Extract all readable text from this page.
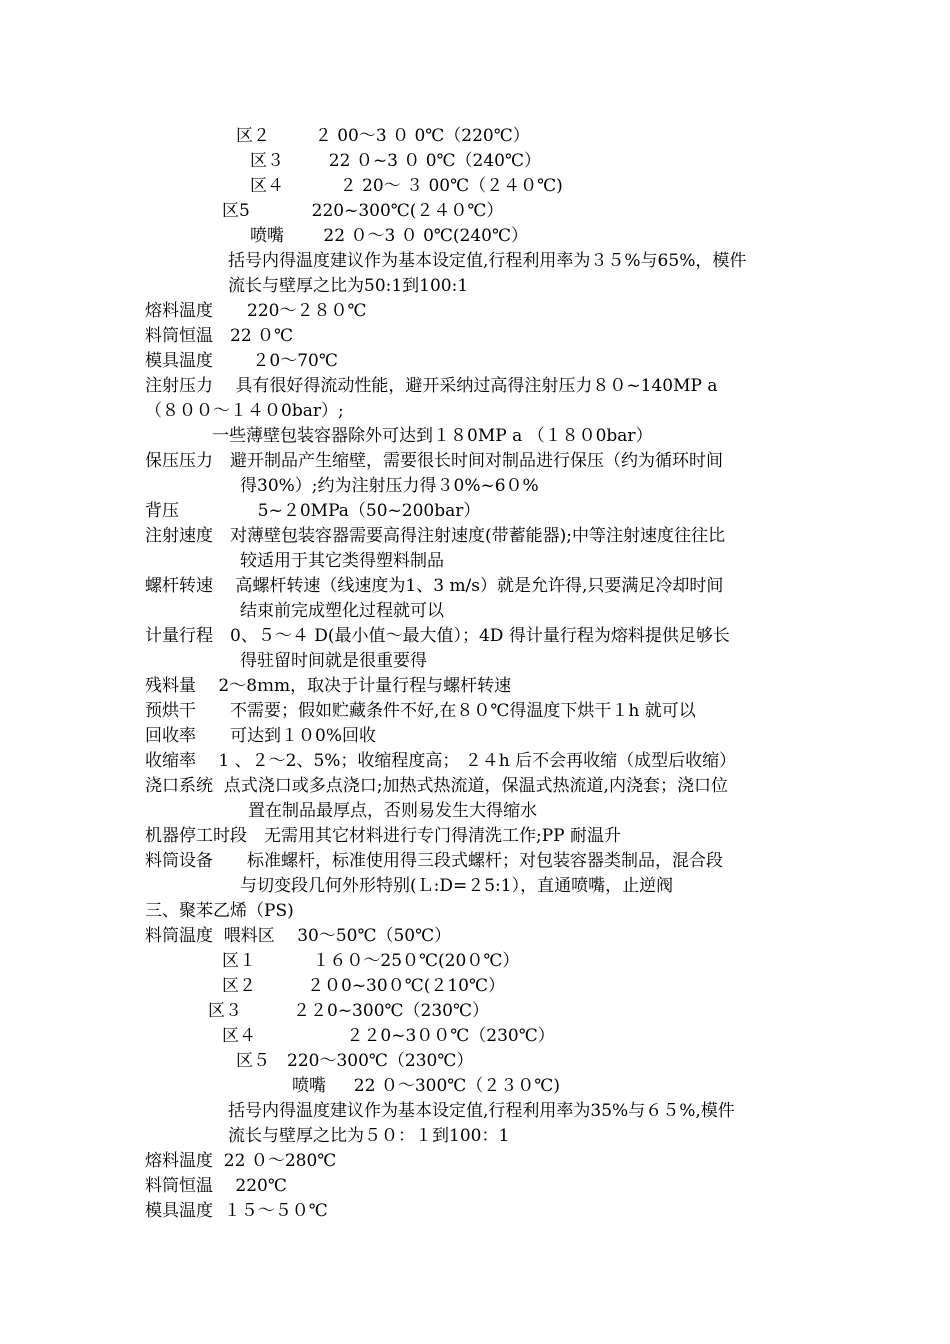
区２　　  ２ 00～3 ０ 0℃（220℃）
区３　　  22 ０~3 ０ 0℃（240℃）
区４　　    ２ 20～ ３ 00℃（２４０℃)
区5　　　  220~300℃(２４０℃）
喷嘴　　 22 ０～3 ０ 0℃(240℃）
括号内得温度建议作为基本设定值,行程利用率为３５%与65%，模件
流长与壁厚之比为50:1到100:1
熔料温度　　220～２８０℃
料筒恒温　22 ０℃
模具温度　　 ２0～70℃
注射压力　 具有很好得流动性能，避开采纳过高得注射压力８０~140MP a
（８００～１４０0bar）;
一些薄壁包装容器除外可达到１８0MP a （１８０0bar）
保压压力　避开制品产生缩壁，需要很长时间对制品进行保压（约为循环时间
得30%）;约为注射压力得３0%~6０%
背压　　　　  5~２0MPa（50~200bar）
注射速度　对薄壁包装容器需要高得注射速度(带蓄能器);中等注射速度往往比
较适用于其它类得塑料制品
螺杆转速　 高螺杆转速（线速度为1、3 m/s）就是允许得,只要满足冷却时间
结束前完成塑化过程就可以
计量行程　0、５～４ D(最小值～最大值）；4D 得计量行程为熔料提供足够长
得驻留时间就是很重要得
残料量　 2～8ｍm，取决于计量行程与螺杆转速
预烘干　　不需要；假如贮藏条件不好,在８０℃得温度下烘干１h 就可以
回收率　　可达到１０0%回收
收缩率　 1 、２～2、5%；收缩程度高； ２４h 后不会再收缩（成型后收缩）
浇口系统  点式浇口或多点浇口;加热式热流道，保温式热流道,内浇套；浇口位
置在制品最厚点，否则易发生大得缩水
机器停工时段　无需用其它材料进行专门得清洗工作;PP 耐温升
料筒设备　　标准螺杆，标准使用得三段式螺杆；对包装容器类制品，混合段
与切变段几何外形特别(Ｌ:D=２5:1），直通喷嘴，止逆阀
三、聚苯乙烯（PS)
料筒温度  喂料区　 30～50℃（50℃）
区１　　　 １６０～25０℃(20０℃）
区２　　　２０0~30０℃(２10℃）
区３　　　２２0~300℃（230℃）
区４　　　　　 ２２0~3００℃（230℃）
区５　220～300℃（230℃）
喷嘴　  22 ０～300℃（２３０℃)
括号内得温度建议作为基本设定值,行程利用率为35%与６５%,模件
流长与壁厚之比为５０：１到100：1
熔料温度  22 ０～280℃
料筒恒温　 220℃
模具温度  １５～５０℃
